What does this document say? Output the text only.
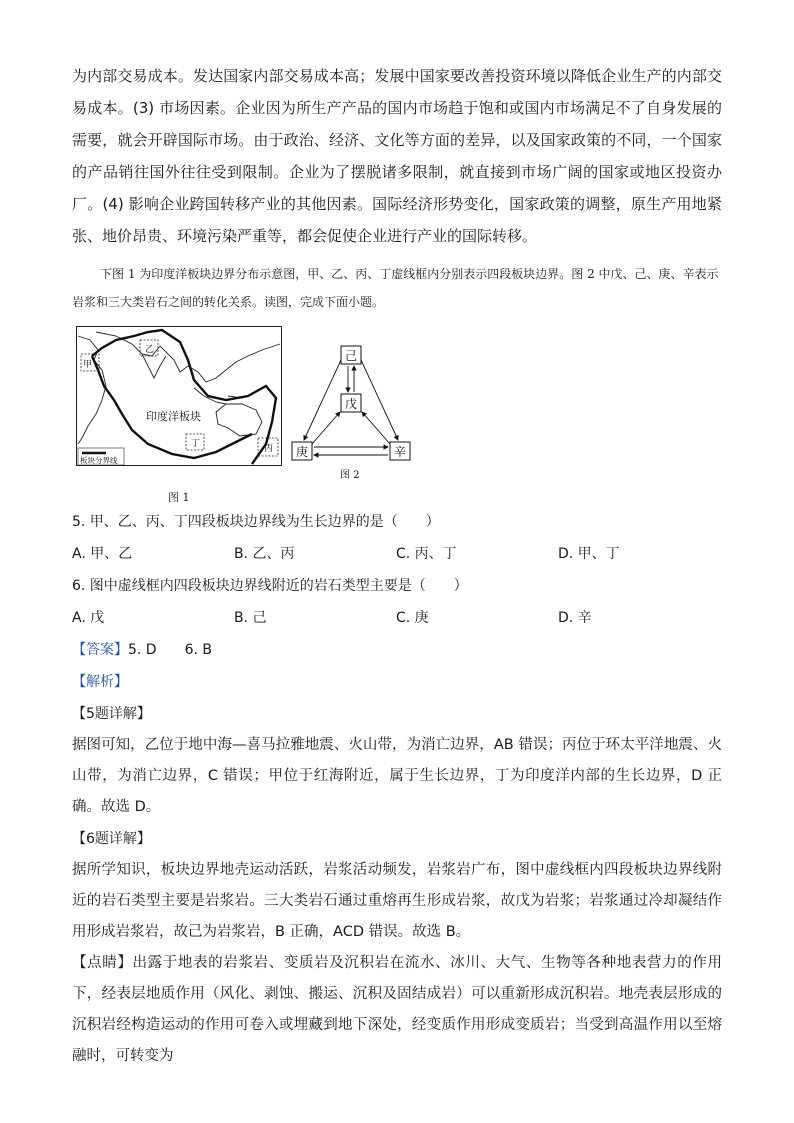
为内部交易成本。发达国家内部交易成本高；发展中国家要改善投资环境以降低企业生产的内部交易成本。(3) 市场因素。企业因为所生产产品的国内市场趋于饱和或国内市场满足不了自身发展的需要，就会开辟国际市场。由于政治、经济、文化等方面的差异，以及国家政策的不同，一个国家的产品销往国外往往受到限制。企业为了摆脱诸多限制，就直接到市场广阔的国家或地区投资办厂。(4) 影响企业跨国转移产业的其他因素。国际经济形势变化，国家政策的调整，原生产用地紧张、地价昂贵、环境污染严重等，都会促使企业进行产业的国际转移。

下图 1 为印度洋板块边界分布示意图，甲、乙、丙、丁虚线框内分别表示四段板块边界。图 2 中戊、己、庚、辛表示岩浆和三大类岩石之间的转化关系。读图，完成下面小题。

甲
乙
丙
丁
印度洋板块
板块分界线
图 1
己
戊
庚	辛
图 2

5. 甲、乙、丙、丁四段板块边界线为生长边界的是（　　）

A. 甲、乙	B. 乙、丙	C. 丙、丁	D. 甲、丁

6. 图中虚线框内四段板块边界线附近的岩石类型主要是（　　）

A. 戊	B. 己	C. 庚	D. 辛

【答案】5. D　　6. B

【解析】

【5题详解】

据图可知，乙位于地中海—喜马拉雅地震、火山带，为消亡边界，AB 错误；丙位于环太平洋地震、火山带，为消亡边界，C 错误；甲位于红海附近，属于生长边界，丁为印度洋内部的生长边界，D 正确。故选 D。

【6题详解】

据所学知识，板块边界地壳运动活跃，岩浆活动频发，岩浆岩广布，图中虚线框内四段板块边界线附近的岩石类型主要是岩浆岩。三大类岩石通过重熔再生形成岩浆，故戊为岩浆；岩浆通过冷却凝结作用形成岩浆岩，故己为岩浆岩，B 正确，ACD 错误。故选 B。

【点睛】出露于地表的岩浆岩、变质岩及沉积岩在流水、冰川、大气、生物等各种地表营力的作用下，经表层地质作用（风化、剥蚀、搬运、沉积及固结成岩）可以重新形成沉积岩。地壳表层形成的沉积岩经构造运动的作用可卷入或埋藏到地下深处，经变质作用形成变质岩；当受到高温作用以至熔融时，可转变为
